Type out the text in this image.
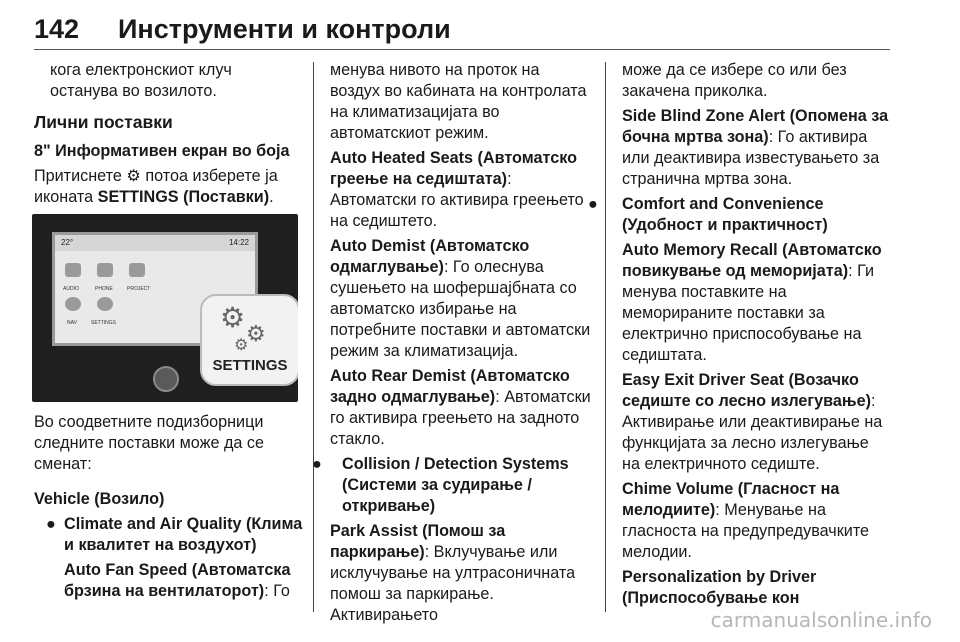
142 Инструменти и контроли

кога електронскиот клуч останува во возилото.

Лични поставки

8" Информативен екран во боја

Притиснете ⚙ потоа изберете ја иконата SETTINGS (Поставки).

22°	14:22
AUDIO	PHONE	PROJECT
NAV	SETTINGS	⚙
⚙
⚙
SETTINGS

Во соодветните подизборници следните поставки може да се сменат:

Vehicle (Возило)

● Climate and Air Quality (Клима и квалитет на воздухот)

Auto Fan Speed (Автоматска брзина на вентилаторот): Го

менува нивото на проток на воздух во кабината на контролата на климатизацијата во автоматскиот режим.

Auto Heated Seats (Автоматско греење на седиштата): Автоматски го активира греењето на седиштето.

Auto Demist (Автоматско одмаглување): Го олеснува сушењето на шофершајбната со автоматско избирање на потребните поставки и автоматски режим за климатизација.

Auto Rear Demist (Автоматско задно одмаглување): Автоматски го активира греењето на задното стакло.

● Collision / Detection Systems (Системи за судирање / откривање)

Park Assist (Помош за паркирање): Вклучување или исклучување на ултрасоничната помош за паркирање. Активирањето

може да се избере со или без закачена приколка.

Side Blind Zone Alert (Опомена за бочна мртва зона): Го активира или деактивира известувањето за странична мртва зона.

● Comfort and Convenience (Удобност и практичност)

Auto Memory Recall (Автоматско повикување од меморијата): Ги менува поставките на меморираните поставки за електрично приспособување на седиштата.

Easy Exit Driver Seat (Возачко седиште со лесно излегување): Активирање или деактивирање на функцијата за лесно излегување на електричното седиште.

Chime Volume (Гласност на мелодиите): Менување на гласноста на предупредувачките мелодии.

Personalization by Driver (Приспособување кон

carmanualsonline.info
